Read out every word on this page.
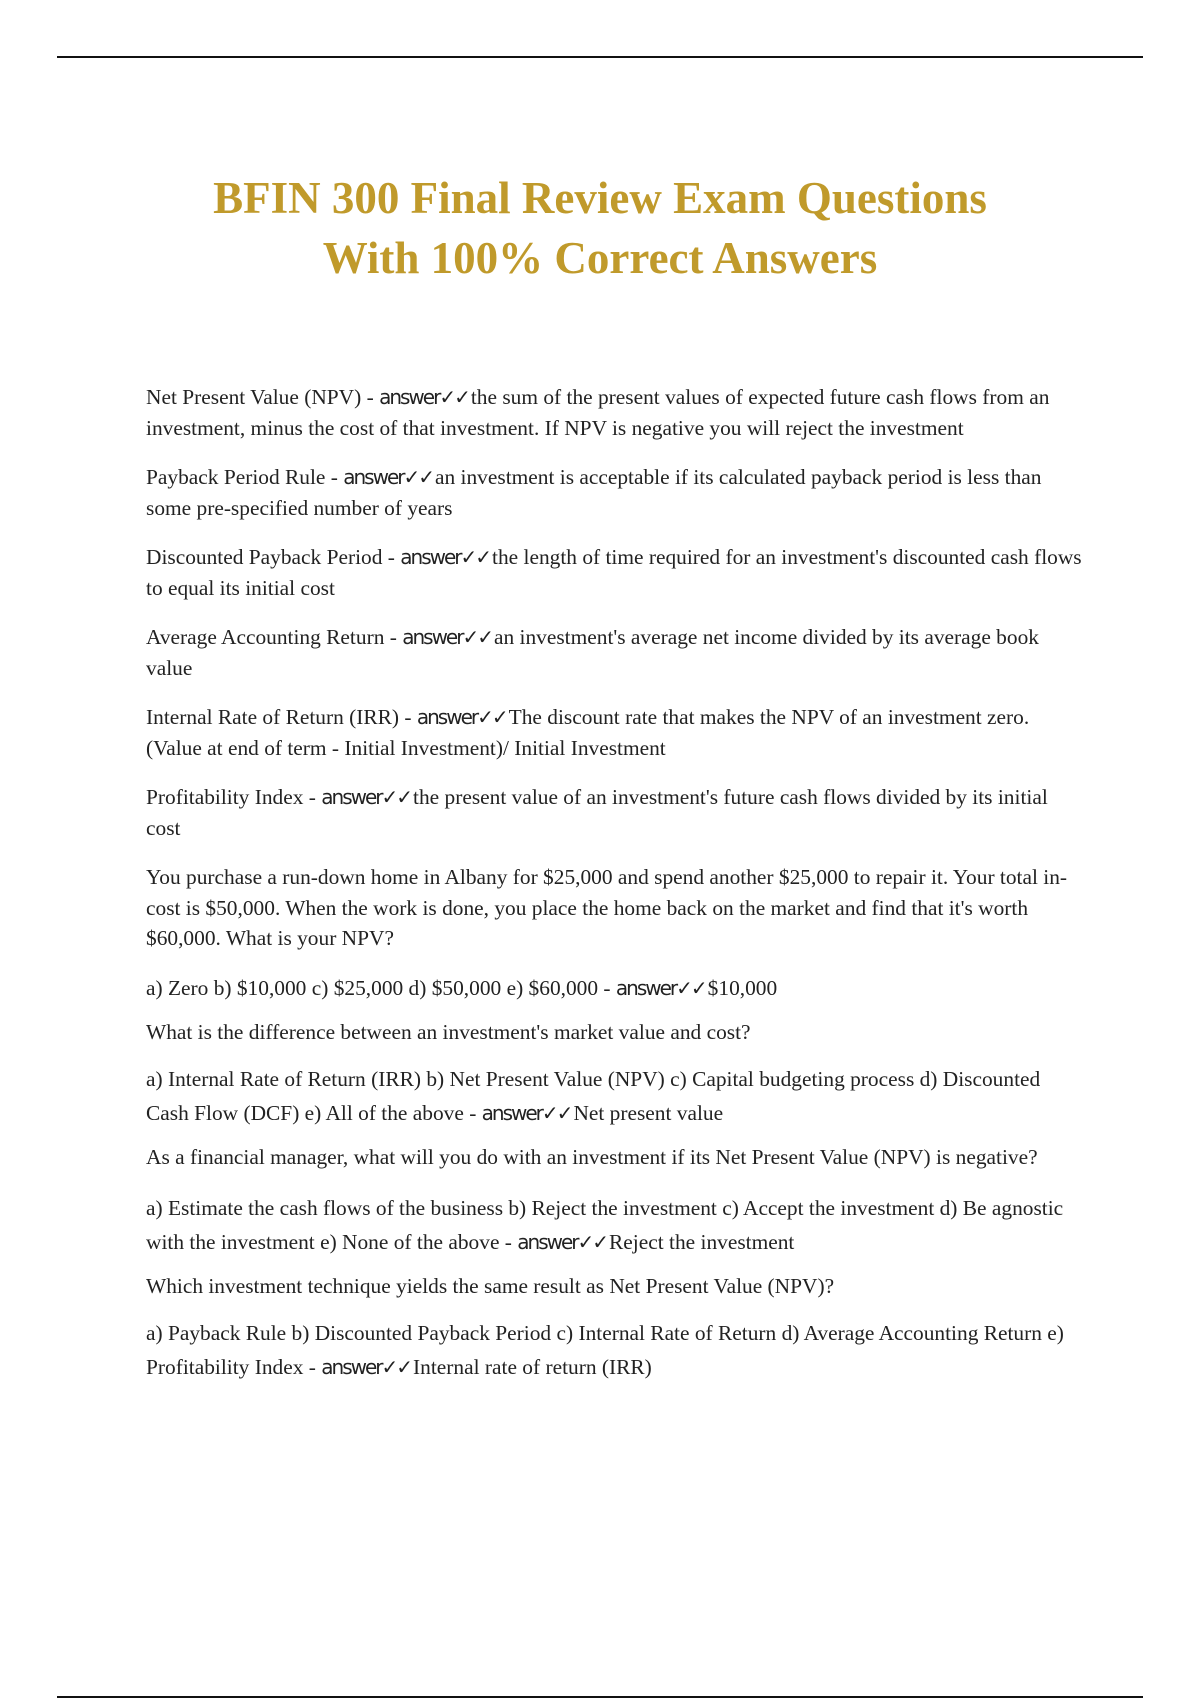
BFIN 300 Final Review Exam Questions
With 100% Correct Answers

Net Present Value (NPV) - answer✓✓the sum of the present values of expected future cash flows from an investment, minus the cost of that investment. If NPV is negative you will reject the investment

Payback Period Rule - answer✓✓an investment is acceptable if its calculated payback period is less than some pre-specified number of years

Discounted Payback Period - answer✓✓the length of time required for an investment's discounted cash flows to equal its initial cost

Average Accounting Return - answer✓✓an investment's average net income divided by its average book value

Internal Rate of Return (IRR) - answer✓✓The discount rate that makes the NPV of an investment zero. (Value at end of term - Initial Investment)/ Initial Investment

Profitability Index - answer✓✓the present value of an investment's future cash flows divided by its initial cost

You purchase a run-down home in Albany for $25,000 and spend another $25,000 to repair it. Your total in-cost is $50,000. When the work is done, you place the home back on the market and find that it's worth $60,000. What is your NPV?

a) Zero b) $10,000 c) $25,000 d) $50,000 e) $60,000 - answer✓✓$10,000

What is the difference between an investment's market value and cost?

a) Internal Rate of Return (IRR) b) Net Present Value (NPV) c) Capital budgeting process d) Discounted Cash Flow (DCF) e) All of the above - answer✓✓Net present value

As a financial manager, what will you do with an investment if its Net Present Value (NPV) is negative?

a) Estimate the cash flows of the business b) Reject the investment c) Accept the investment d) Be agnostic with the investment e) None of the above - answer✓✓Reject the investment

Which investment technique yields the same result as Net Present Value (NPV)?

a) Payback Rule b) Discounted Payback Period c) Internal Rate of Return d) Average Accounting Return e) Profitability Index - answer✓✓Internal rate of return (IRR)
